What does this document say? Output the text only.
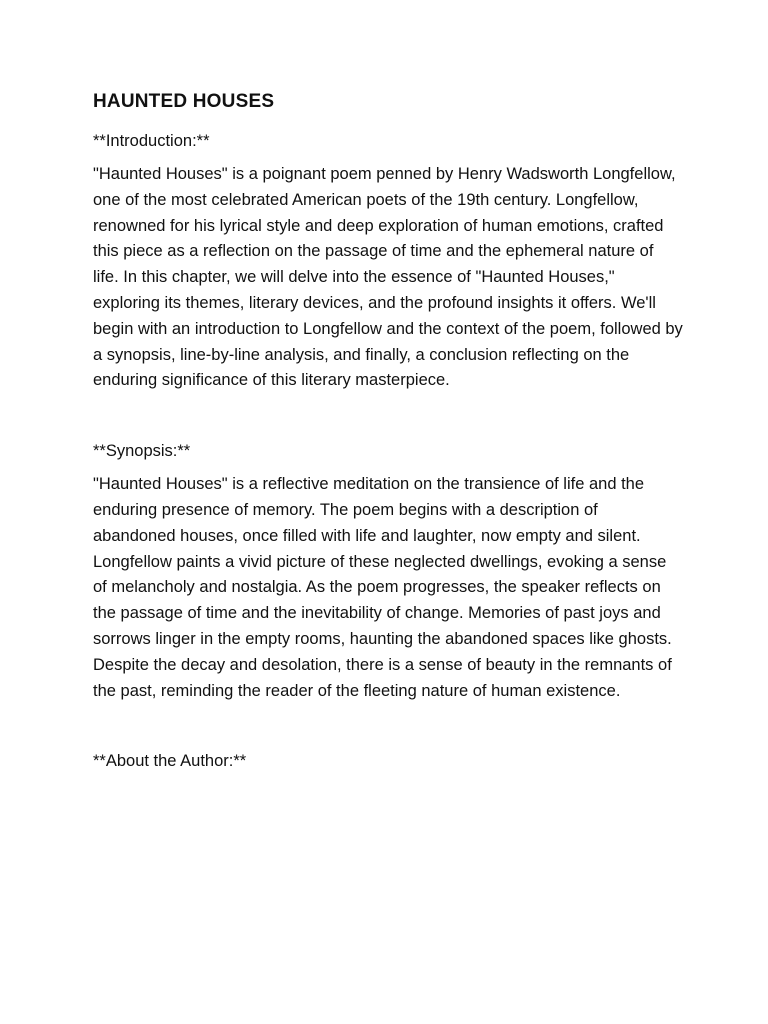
HAUNTED HOUSES
**Introduction:**

"Haunted Houses" is a poignant poem penned by Henry Wadsworth Longfellow, one of the most celebrated American poets of the 19th century. Longfellow, renowned for his lyrical style and deep exploration of human emotions, crafted this piece as a reflection on the passage of time and the ephemeral nature of life. In this chapter, we will delve into the essence of "Haunted Houses," exploring its themes, literary devices, and the profound insights it offers. We'll begin with an introduction to Longfellow and the context of the poem, followed by a synopsis, line-by-line analysis, and finally, a conclusion reflecting on the enduring significance of this literary masterpiece.

**Synopsis:**

"Haunted Houses" is a reflective meditation on the transience of life and the enduring presence of memory. The poem begins with a description of abandoned houses, once filled with life and laughter, now empty and silent. Longfellow paints a vivid picture of these neglected dwellings, evoking a sense of melancholy and nostalgia. As the poem progresses, the speaker reflects on the passage of time and the inevitability of change. Memories of past joys and sorrows linger in the empty rooms, haunting the abandoned spaces like ghosts. Despite the decay and desolation, there is a sense of beauty in the remnants of the past, reminding the reader of the fleeting nature of human existence.

**About the Author:**
